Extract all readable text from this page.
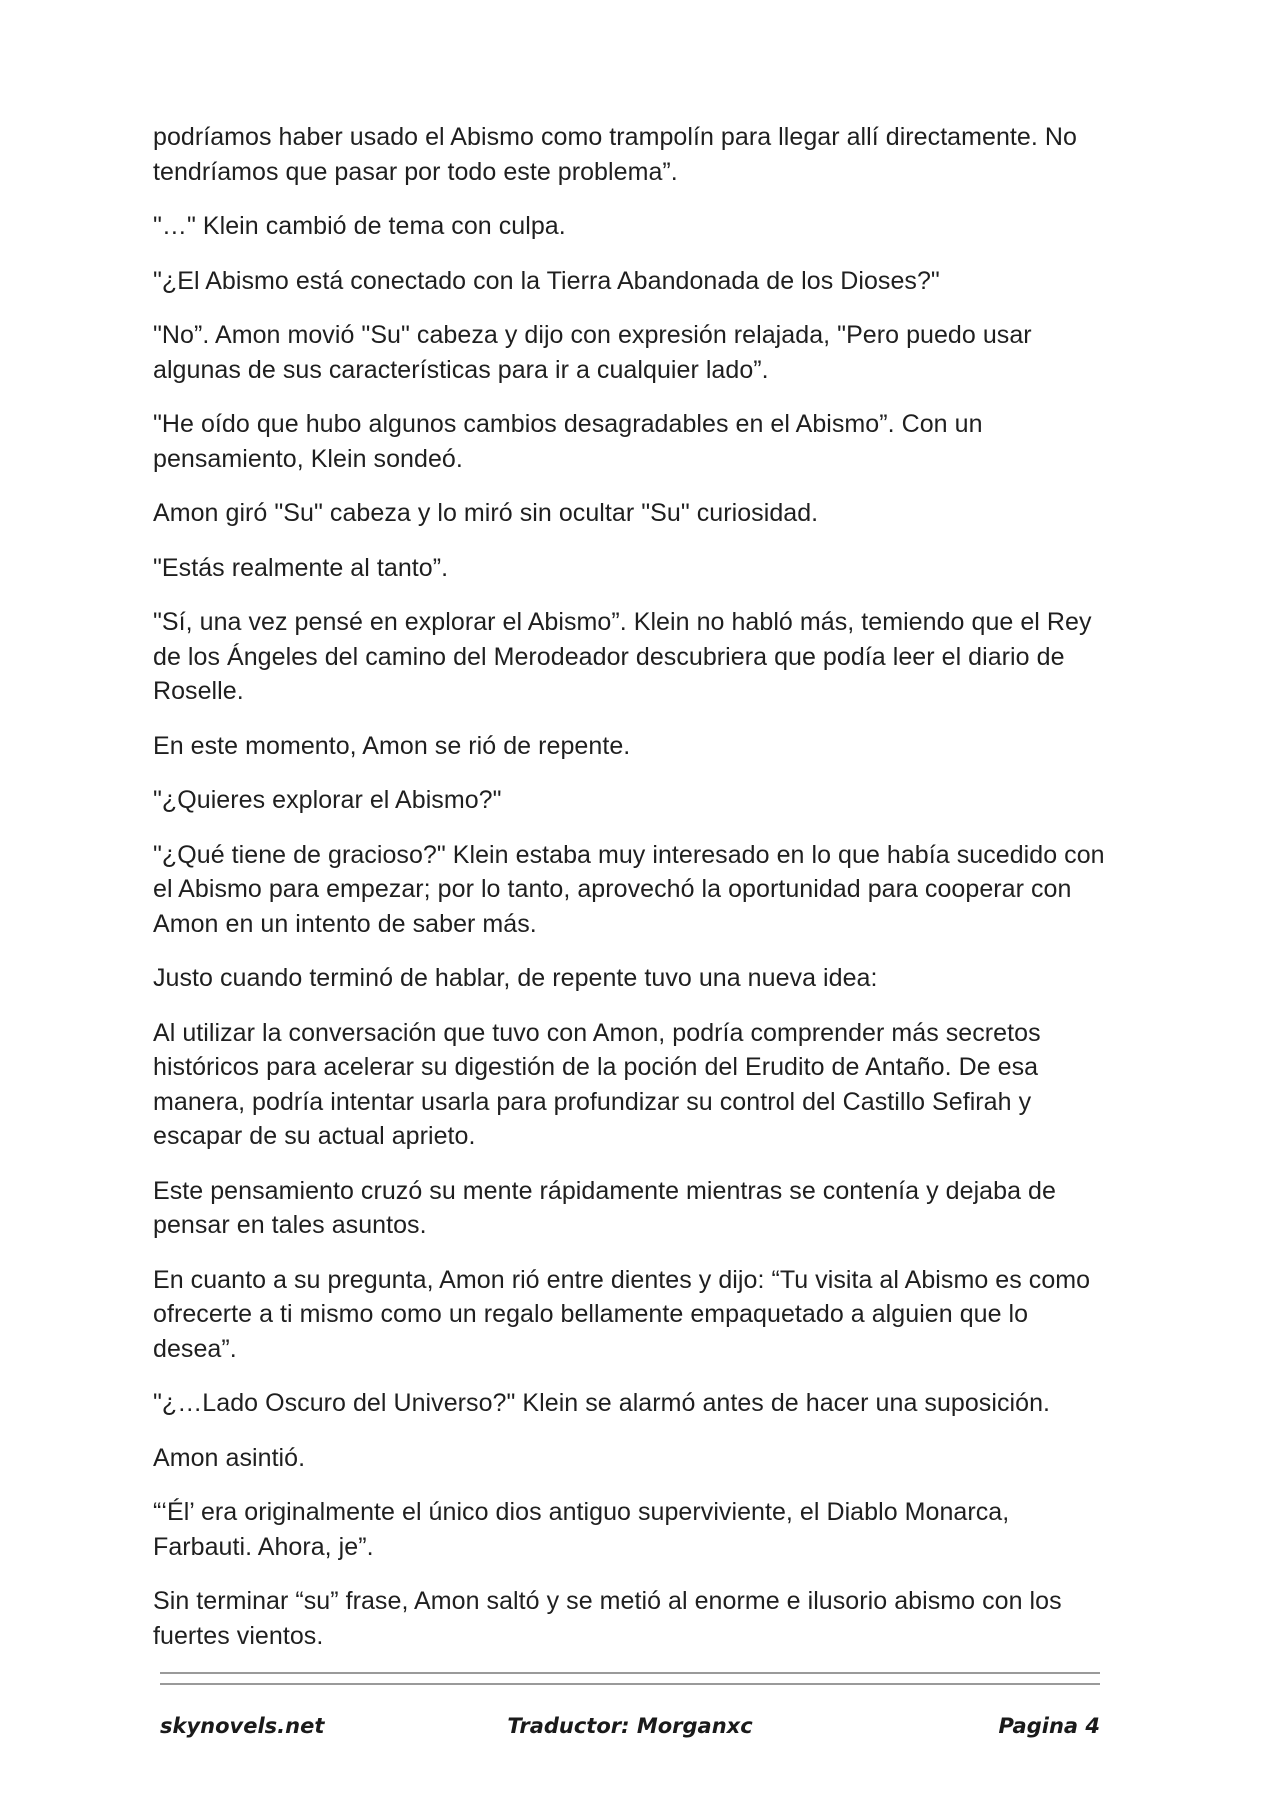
podríamos haber usado el Abismo como trampolín para llegar allí directamente. No tendríamos que pasar por todo este problema”.

"…" Klein cambió de tema con culpa.

"¿El Abismo está conectado con la Tierra Abandonada de los Dioses?"

"No”. Amon movió "Su" cabeza y dijo con expresión relajada, "Pero puedo usar algunas de sus características para ir a cualquier lado”.

"He oído que hubo algunos cambios desagradables en el Abismo”. Con un pensamiento, Klein sondeó.

Amon giró "Su" cabeza y lo miró sin ocultar "Su" curiosidad.

"Estás realmente al tanto”.

"Sí, una vez pensé en explorar el Abismo”. Klein no habló más, temiendo que el Rey de los Ángeles del camino del Merodeador descubriera que podía leer el diario de Roselle.

En este momento, Amon se rió de repente.

"¿Quieres explorar el Abismo?"

"¿Qué tiene de gracioso?" Klein estaba muy interesado en lo que había sucedido con el Abismo para empezar; por lo tanto, aprovechó la oportunidad para cooperar con Amon en un intento de saber más.

Justo cuando terminó de hablar, de repente tuvo una nueva idea:

Al utilizar la conversación que tuvo con Amon, podría comprender más secretos históricos para acelerar su digestión de la poción del Erudito de Antaño. De esa manera, podría intentar usarla para profundizar su control del Castillo Sefirah y escapar de su actual aprieto.

Este pensamiento cruzó su mente rápidamente mientras se contenía y dejaba de pensar en tales asuntos.

En cuanto a su pregunta, Amon rió entre dientes y dijo: “Tu visita al Abismo es como ofrecerte a ti mismo como un regalo bellamente empaquetado a alguien que lo desea”.

"¿…Lado Oscuro del Universo?" Klein se alarmó antes de hacer una suposición.

Amon asintió.

“‘Él’ era originalmente el único dios antiguo superviviente, el Diablo Monarca, Farbauti. Ahora, je”.

Sin terminar “su” frase, Amon saltó y se metió al enorme e ilusorio abismo con los fuertes vientos.

skynovels.net	Traductor: Morganxc	Pagina 4
